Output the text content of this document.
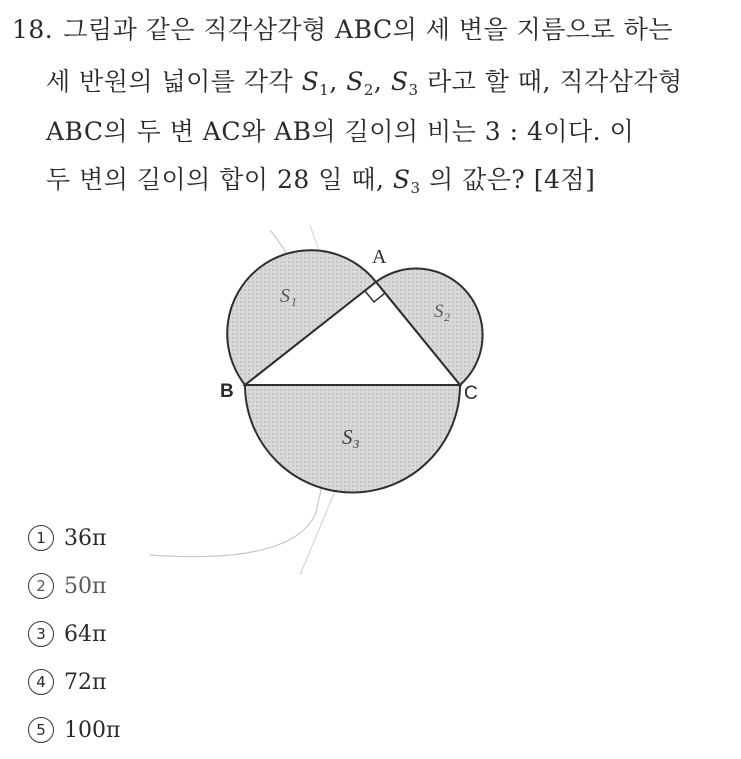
18. 그림과 같은 직각삼각형 ABC의 세 변을 지름으로 하는
세 반원의 넓이를 각각 $S_1$, $S_2$, $S_3$ 라고 할 때, 직각삼각형
ABC의 두 변 AC와 AB의 길이의 비는 3 : 4이다. 이
두 변의 길이의 합이 28 일 때, $S_3$ 의 값은? [4점]
A
B	C
S₁
S₂
S₃
1 36π
2 50π
3 64π
4 72π
5 100π
